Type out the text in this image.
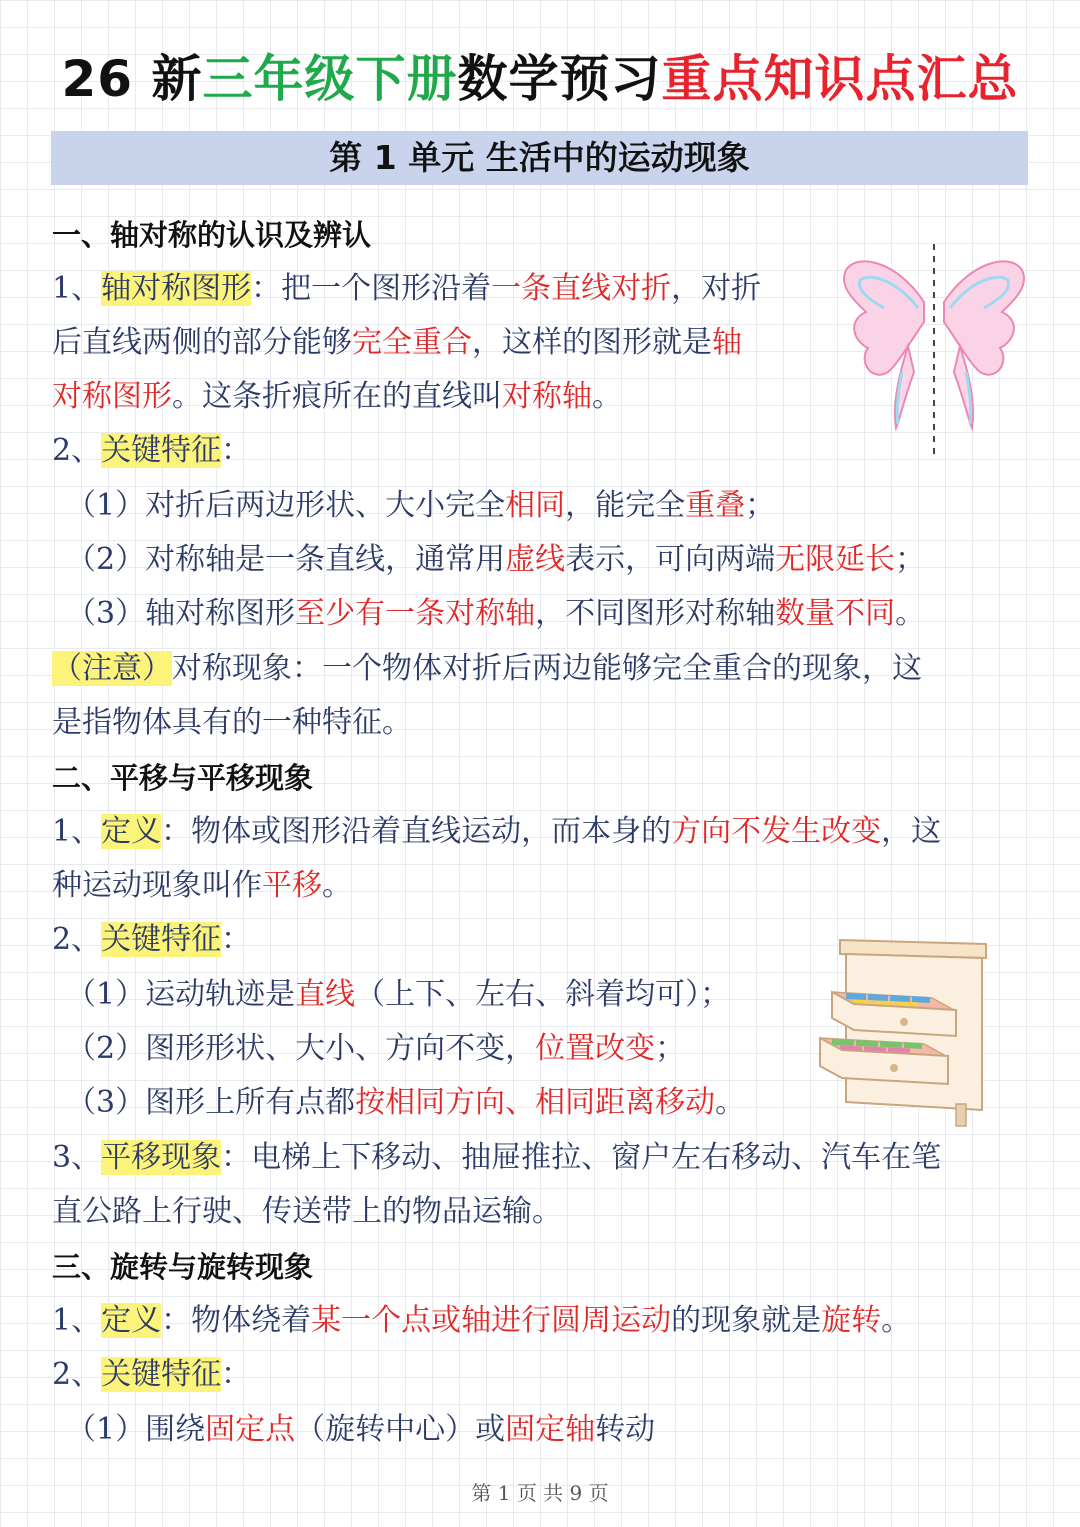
26 新三年级下册数学预习重点知识点汇总
第 1 单元 生活中的运动现象
一、轴对称的认识及辨认
1、轴对称图形：把一个图形沿着一条直线对折，对折
后直线两侧的部分能够完全重合，这样的图形就是轴
对称图形。这条折痕所在的直线叫对称轴。
2、关键特征：
（1）对折后两边形状、大小完全相同，能完全重叠；
（2）对称轴是一条直线，通常用虚线表示，可向两端无限延长；
（3）轴对称图形至少有一条对称轴，不同图形对称轴数量不同。
（注意）对称现象：一个物体对折后两边能够完全重合的现象，这
是指物体具有的一种特征。
二、平移与平移现象
1、定义：物体或图形沿着直线运动，而本身的方向不发生改变，这
种运动现象叫作平移。
2、关键特征：
（1）运动轨迹是直线（上下、左右、斜着均可）；
（2）图形形状、大小、方向不变，位置改变；
（3）图形上所有点都按相同方向、相同距离移动。
3、平移现象：电梯上下移动、抽屉推拉、窗户左右移动、汽车在笔
直公路上行驶、传送带上的物品运输。
三、旋转与旋转现象
1、定义：物体绕着某一个点或轴进行圆周运动的现象就是旋转。
2、关键特征：
（1）围绕固定点（旋转中心）或固定轴转动
第 1 页 共 9 页
